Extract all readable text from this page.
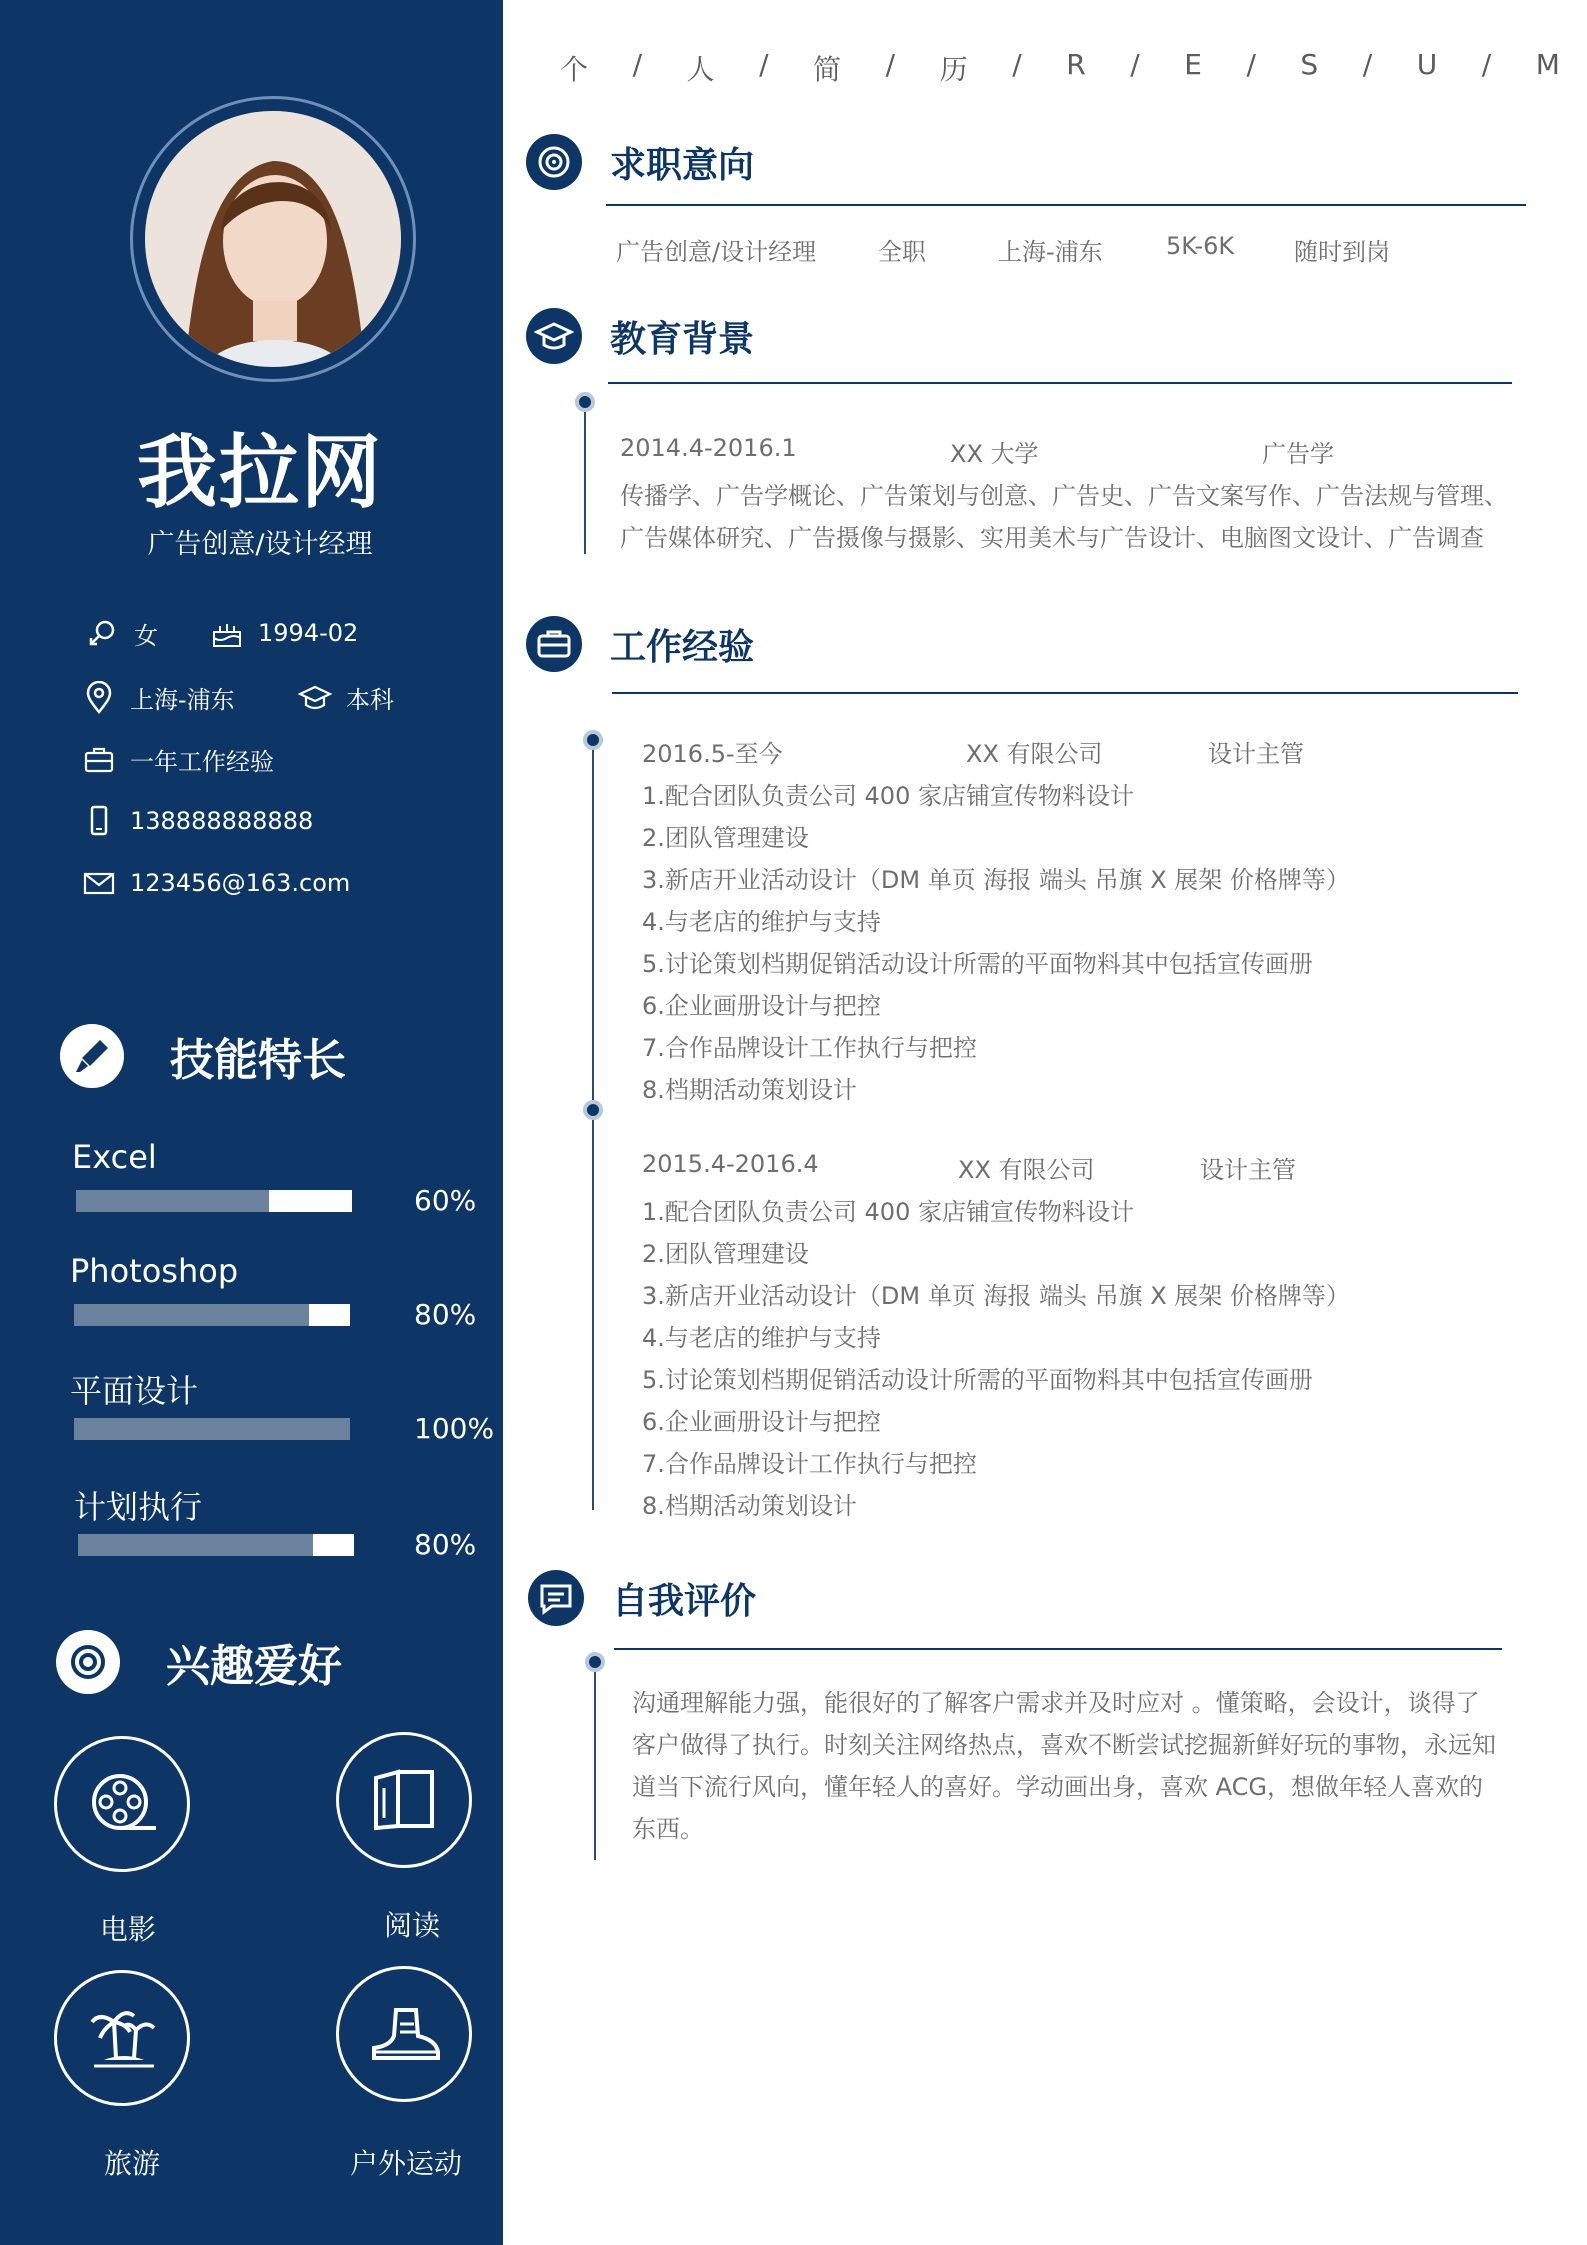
我拉网
广告创意/设计经理
女	1994-02
上海-浦东	本科
一年工作经验
138888888888
123456@163.com
技能特长
Excel
60%
Photoshop
80%
平面设计
100%
计划执行
80%
兴趣爱好
电影	阅读
旅游	户外运动
个 / 人 / 简 / 历 / R / E / S / U / M
求职意向
广告创意/设计经理	全职	上海-浦东	5K-6K 随时到岗
教育背景
2014.4-2016.1	XX 大学	广告学
传播学、广告学概论、广告策划与创意、广告史、广告文案写作、广告法规与管理、
广告媒体研究、广告摄像与摄影、实用美术与广告设计、电脑图文设计、广告调查
工作经验
2016.5-至今	XX 有限公司	设计主管
1.配合团队负责公司 400 家店铺宣传物料设计
2.团队管理建设
3.新店开业活动设计（DM 单页 海报 端头 吊旗 X 展架 价格牌等）
4.与老店的维护与支持
5.讨论策划档期促销活动设计所需的平面物料其中包括宣传画册
6.企业画册设计与把控
7.合作品牌设计工作执行与把控
8.档期活动策划设计
2015.4-2016.4	XX 有限公司	设计主管
1.配合团队负责公司 400 家店铺宣传物料设计
2.团队管理建设
3.新店开业活动设计（DM 单页 海报 端头 吊旗 X 展架 价格牌等）
4.与老店的维护与支持
5.讨论策划档期促销活动设计所需的平面物料其中包括宣传画册
6.企业画册设计与把控
7.合作品牌设计工作执行与把控
8.档期活动策划设计
自我评价
沟通理解能力强，能很好的了解客户需求并及时应对 。懂策略，会设计，谈得了客户做得了执行。时刻关注网络热点，喜欢不断尝试挖掘新鲜好玩的事物，永远知道当下流行风向，懂年轻人的喜好。学动画出身，喜欢 ACG，想做年轻人喜欢的东西。
